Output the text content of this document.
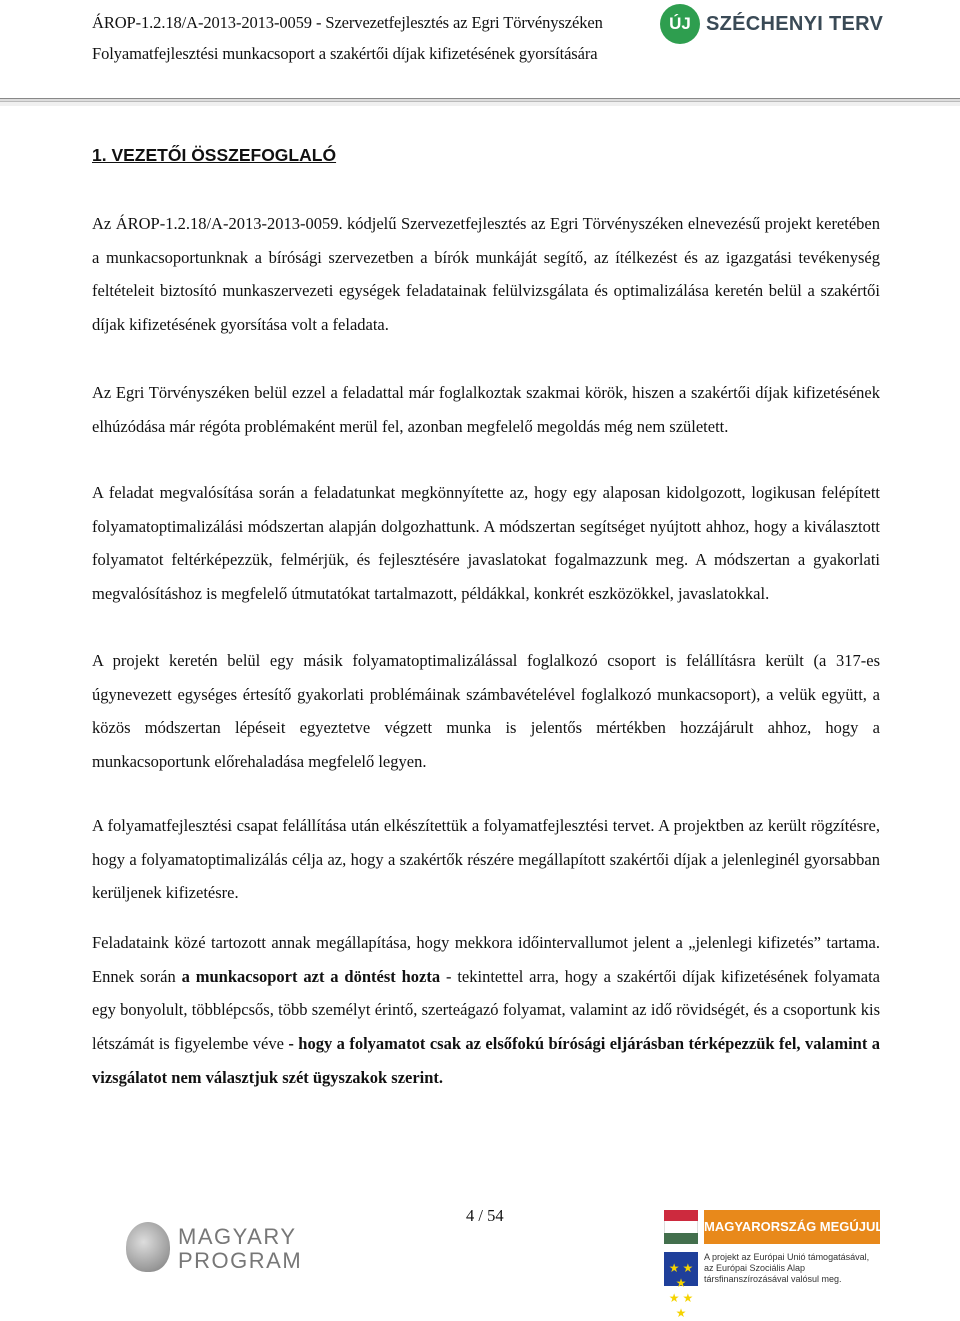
ÁROP-1.2.18/A-2013-2013-0059 - Szervezetfejlesztés az Egri Törvényszéken
Folyamatfejlesztési munkacsoport a szakértői díjak kifizetésének gyorsítására
ÚJ SZÉCHENYI TERV
1. VEZETŐI ÖSSZEFOGLALÓ

Az ÁROP-1.2.18/A-2013-2013-0059. kódjelű Szervezetfejlesztés az Egri Törvényszéken elnevezésű projekt keretében a munkacsoportunknak a bírósági szervezetben a bírók munkáját segítő, az ítélkezést és az igazgatási tevékenység feltételeit biztosító munkaszervezeti egységek feladatainak felülvizsgálata és optimalizálása keretén belül a szakértői díjak kifizetésének gyorsítása volt a feladata.

Az Egri Törvényszéken belül ezzel a feladattal már foglalkoztak szakmai körök, hiszen a szakértői díjak kifizetésének elhúzódása már régóta problémaként merül fel, azonban megfelelő megoldás még nem született.

A feladat megvalósítása során a feladatunkat megkönnyítette az, hogy egy alaposan kidolgozott, logikusan felépített folyamatoptimalizálási módszertan alapján dolgozhattunk. A módszertan segítséget nyújtott ahhoz, hogy a kiválasztott folyamatot feltérképezzük, felmérjük, és fejlesztésére javaslatokat fogalmazzunk meg. A módszertan a gyakorlati megvalósításhoz is megfelelő útmutatókat tartalmazott, példákkal, konkrét eszközökkel, javaslatokkal.

A projekt keretén belül egy másik folyamatoptimalizálással foglalkozó csoport is felállításra került (a 317-es úgynevezett egységes értesítő gyakorlati problémáinak számbavételével foglalkozó munkacsoport), a velük együtt, a közös módszertan lépéseit egyeztetve végzett munka is jelentős mértékben hozzájárult ahhoz, hogy a munkacsoportunk előrehaladása megfelelő legyen.

A folyamatfejlesztési csapat felállítása után elkészítettük a folyamatfejlesztési tervet. A projektben az került rögzítésre, hogy a folyamatoptimalizálás célja az, hogy a szakértők részére megállapított szakértői díjak a jelenleginél gyorsabban kerüljenek kifizetésre.

Feladataink közé tartozott annak megállapítása, hogy mekkora időintervallumot jelent a „jelenlegi kifizetés” tartama. Ennek során a munkacsoport azt a döntést hozta - tekintettel arra, hogy a szakértői díjak kifizetésének folyamata egy bonyolult, többlépcsős, több személyt érintő, szerteágazó folyamat, valamint az idő rövidségét, és a csoportunk kis létszámát is figyelembe véve - hogy a folyamatot csak az elsőfokú bírósági eljárásban térképezzük fel, valamint a vizsgálatot nem választjuk szét ügyszakok szerint.

4 / 54
MAGYARY
PROGRAM
MAGYARORSZÁG MEGÚJUL
★ ★ ★
★ ★ ★
A projekt az Európai Unió támogatásával, az Európai Szociális Alap társfinanszírozásával valósul meg.
